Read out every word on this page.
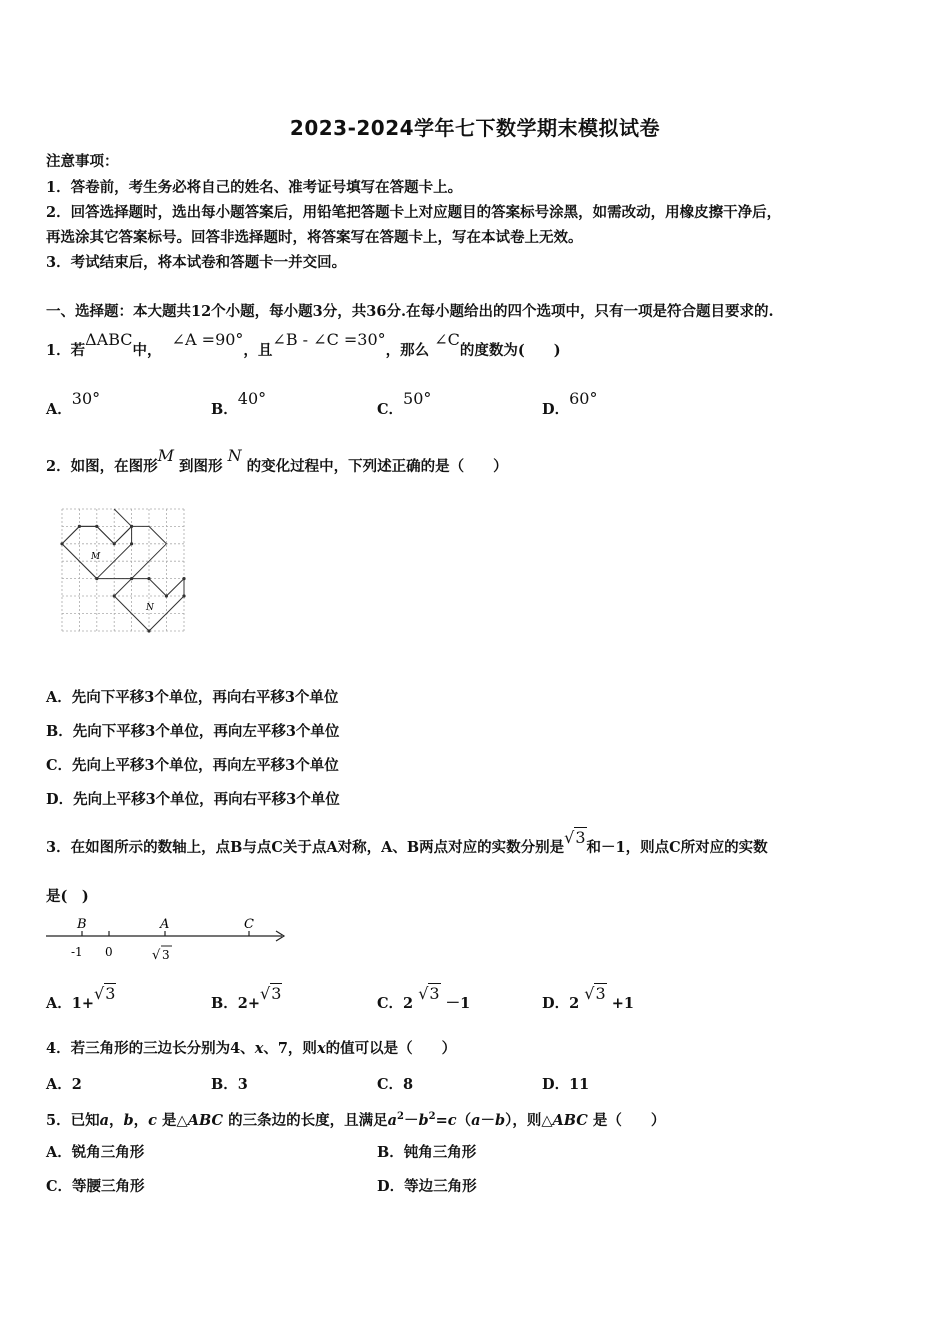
2023-2024学年七下数学期末模拟试卷
注意事项：
1．答卷前，考生务必将自己的姓名、准考证号填写在答题卡上。
2．回答选择题时，选出每小题答案后，用铅笔把答题卡上对应题目的答案标号涂黑，如需改动，用橡皮擦干净后，
再选涂其它答案标号。回答非选择题时，将答案写在答题卡上，写在本试卷上无效。
3．考试结束后，将本试卷和答题卡一并交回。
一、选择题：本大题共12个小题，每小题3分，共36分.在每小题给出的四个选项中，只有一项是符合题目要求的.
1．若ΔABC中，  ∠A =90°，且∠B - ∠C =30°，那么 ∠C的度数为(　　)
A．30°
B．40°
C．50°
D．60°
2．如图，在图形M 到图形 N 的变化过程中，下列述正确的是（　　）
M
N
A．先向下平移3个单位，再向右平移3个单位
B．先向下平移3个单位，再向左平移3个单位
C．先向上平移3个单位，再向左平移3个单位
D．先向上平移3个单位，再向右平移3个单位
3．在如图所示的数轴上，点B与点C关于点A对称，A、B两点对应的实数分别是√3和－1，则点C所对应的实数
是(　)
B	A	C
-1 0	√ 3
A．1+√3
B．2+√3
C．2 √3 －1	D．2 √3 +1
4．若三角形的三边长分别为4、x、7，则x的值可以是（　　）
A．2	B．3	C．8	D．11
5．已知a，b，c 是△ABC 的三条边的长度，且满足$a^2-b^2=c(a-b)$，则△ABC 是（　　）
A．锐角三角形	B．钝角三角形
C．等腰三角形	D．等边三角形
